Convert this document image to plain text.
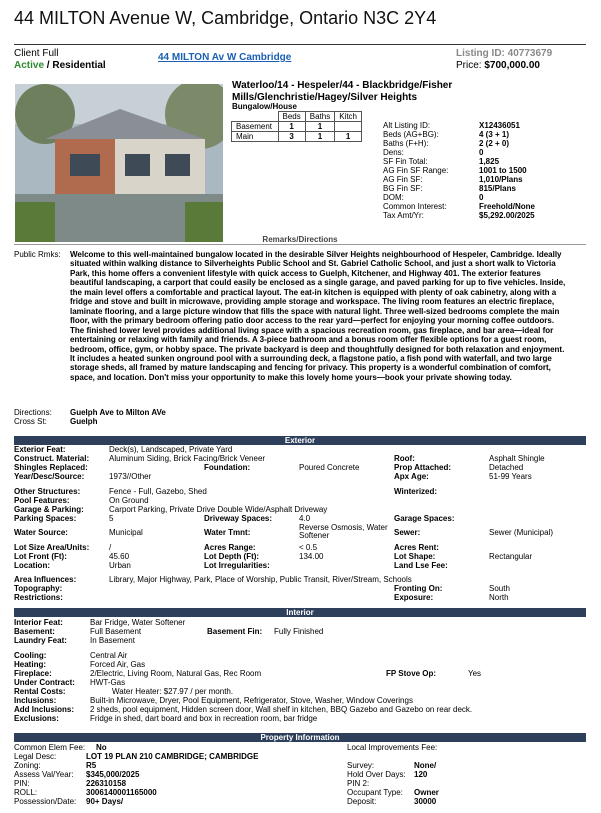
44 MILTON Avenue W, Cambridge, Ontario N3C 2Y4
Client Full
Active / Residential
44 MILTON Av W Cambridge	Listing ID: 40773679
Price: $700,000.00
Waterloo/14 - Hespeler/44 - Blackbridge/Fisher Mills/Glenchristie/Hagey/Silver Heights
Bungalow/House
	Beds	Baths	Kitch
Basement	1	1	
Main	3	1	1
Alt Listing ID:	X12436051
Beds (AG+BG):	4 (3 + 1)
Baths (F+H):	2 (2 + 0)
Dens:	0
SF Fin Total:	1,825
AG Fin SF Range:	1001 to 1500
AG Fin SF:	1,010/Plans
BG Fin SF:	815/Plans
DOM:	0
Common Interest:	Freehold/None
Tax Amt/Yr:	$5,292.00/2025
Remarks/Directions
Public Rmks: Welcome to this well-maintained bungalow located in the desirable Silver Heights neighbourhood of Hespeler, Cambridge. Ideally situated within walking distance to Silverheights Public School and St. Gabriel Catholic School, and just a short walk to Victoria Park, this home offers a convenient lifestyle with quick access to Guelph, Kitchener, and Highway 401. The exterior features beautiful landscaping, a carport that could easily be enclosed as a single garage, and paved parking for up to five vehicles. Inside, the main level offers a comfortable and practical layout. The eat-in kitchen is equipped with plenty of oak cabinetry, along with a fridge and stove and built in microwave, providing ample storage and workspace. The living room features an electric fireplace, laminate flooring, and a large picture window that fills the space with natural light. Three well-sized bedrooms complete the main floor, with the primary bedroom offering patio door access to the rear yard—perfect for enjoying your morning coffee outdoors. The finished lower level provides additional living space with a spacious recreation room, gas fireplace, and bar area—ideal for entertaining or relaxing with family and friends. A 3-piece bathroom and a bonus room offer flexible options for a guest room, bedroom, office, gym, or hobby space. The private backyard is deep and thoughtfully designed for both relaxation and enjoyment. It includes a heated sunken onground pool with a surrounding deck, a flagstone patio, a fish pond with waterfall, and two large storage sheds, all framed by mature landscaping and fencing for privacy. This property is a wonderful combination of comfort, space, and location. Don't miss your opportunity to make this lovely home yours—book your private showing today.
Directions: Guelph Ave to Milton AVe
Cross St:	Guelph
Exterior
Exterior Feat:	Deck(s), Landscaped, Private Yard
Construct. Material: Aluminum Siding, Brick Facing/Brick Veneer	Roof:	Asphalt Shingle
Shingles Replaced:	Foundation:	Poured Concrete	Prop Attached:	Detached
Year/Desc/Source:	1973//Other	Apx Age:	51-99 Years
Other Structures:	Fence - Full, Gazebo, Shed	Winterized:
Pool Features:	On Ground
Garage & Parking:	Carport Parking, Private Drive Double Wide/Asphalt Driveway
Parking Spaces:	5	Driveway Spaces:	4.0	Garage Spaces:
Water Source:	Municipal	Water Tmnt:
Reverse Osmosis, Water
Softener	Sewer:	Sewer (Municipal)
Lot Size Area/Units: /	Acres Range:	< 0.5	Acres Rent:
Lot Front (Ft):	45.60	Lot Depth (Ft):	134.00	Lot Shape:	Rectangular
Location:	Urban	Lot Irregularities:	Land Lse Fee:
Area Influences:	Library, Major Highway, Park, Place of Worship, Public Transit, River/Stream, Schools
Topography:	Fronting On:	South
Restrictions:	Exposure:	North
Interior
Interior Feat:	Bar Fridge, Water Softener
Basement:	Full Basement	Basement Fin: Fully Finished
Laundry Feat:	In Basement
Cooling:	Central Air
Heating:	Forced Air, Gas
Fireplace:	2/Electric, Living Room, Natural Gas, Rec Room	FP Stove Op:	Yes
Under Contract: HWT-Gas
Rental Costs:	Water Heater: $27.97 / per month.
Inclusions:	Built-in Microwave, Dryer, Pool Equipment, Refrigerator, Stove, Washer, Window Coverings
Add Inclusions: 2 sheds, pool equipment, Hidden screen door, Wall shelf in kitchen, BBQ Gazebo and Gazebo on rear deck.
Exclusions:	Fridge in shed, dart board and box in recreation room, bar fridge
Property Information
Common Elem Fee: No	Local Improvements Fee:
Legal Desc:	LOT 19 PLAN 210 CAMBRIDGE; CAMBRIDGE
Zoning:	R5	Survey:	None/
Assess Val/Year: $345,000/2025	Hold Over Days: 120
PIN:	226310158	PIN 2:
ROLL:	3006140001165000	Occupant Type: Owner
Possession/Date: 90+ Days/	Deposit:	30000
